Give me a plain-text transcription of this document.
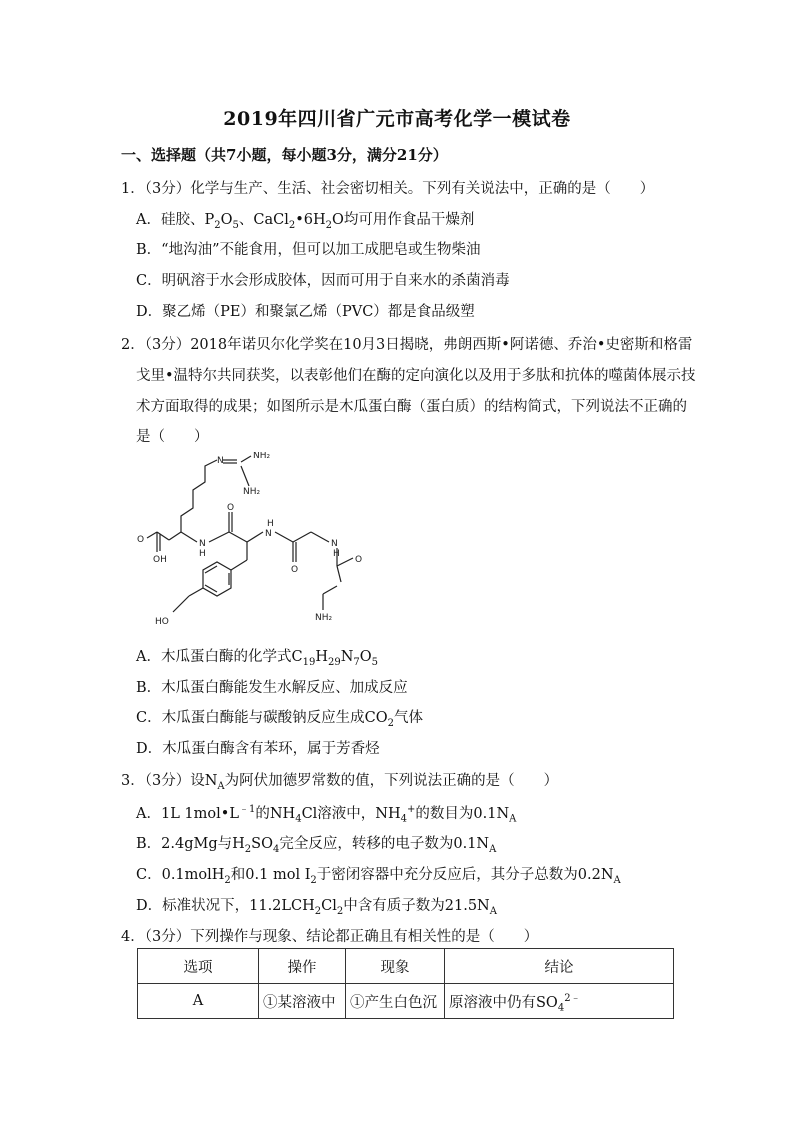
2019年四川省广元市高考化学一模试卷
一、选择题（共7小题，每小题3分，满分21分）
1．（3分）化学与生产、生活、社会密切相关。下列有关说法中，正确的是（　　）
A．硅胶、$P_2O_5$、$CaCl_2•6H_2O$均可用作食品干燥剂
B．“地沟油”不能食用，但可以加工成肥皂或生物柴油
C．明矾溶于水会形成胶体，因而可用于自来水的杀菌消毒
D．聚乙烯（PE）和聚氯乙烯（PVC）都是食品级塑
2．（3分）2018年诺贝尔化学奖在10月3日揭晓，弗朗西斯•阿诺德、乔治•史密斯和格雷
戈里•温特尔共同获奖，以表彰他们在酶的定向演化以及用于多肽和抗体的噬菌体展示技
术方面取得的成果；如图所示是木瓜蛋白酶（蛋白质）的结构简式，下列说法不正确的
是（　　）
N	NH₂
NH₂
O
OH
N
H
O
N
H
O
N
H
O
NH₂
HO
A．木瓜蛋白酶的化学式$C_{19}H_{29}N_7O_5$
B．木瓜蛋白酶能发生水解反应、加成反应
C．木瓜蛋白酶能与碳酸钠反应生成$CO_2$气体
D．木瓜蛋白酶含有苯环，属于芳香烃
3．（3分）设$N_A$为阿伏加德罗常数的值，下列说法正确的是（　　）
A．1L $1mol•L^{﹣1}$的$NH_4Cl$溶液中，$NH_4^+$的数目为$0.1N_A$
B．2.4gMg与$H_2SO_4$完全反应，转移的电子数为$0.1N_A$
C．0.1molH$_2$和0.1 mol $I_2$于密闭容器中充分反应后，其分子总数为$0.2N_A$
D．标准状况下，$11.2LCH_2Cl_2$中含有质子数为$21.5N_A$
4．（3分）下列操作与现象、结论都正确且有相关性的是（　　）
选项	操作	现象	结论
A	①某溶液中	①产生白色沉	原溶液中仍有$SO_4^{2﹣}$
